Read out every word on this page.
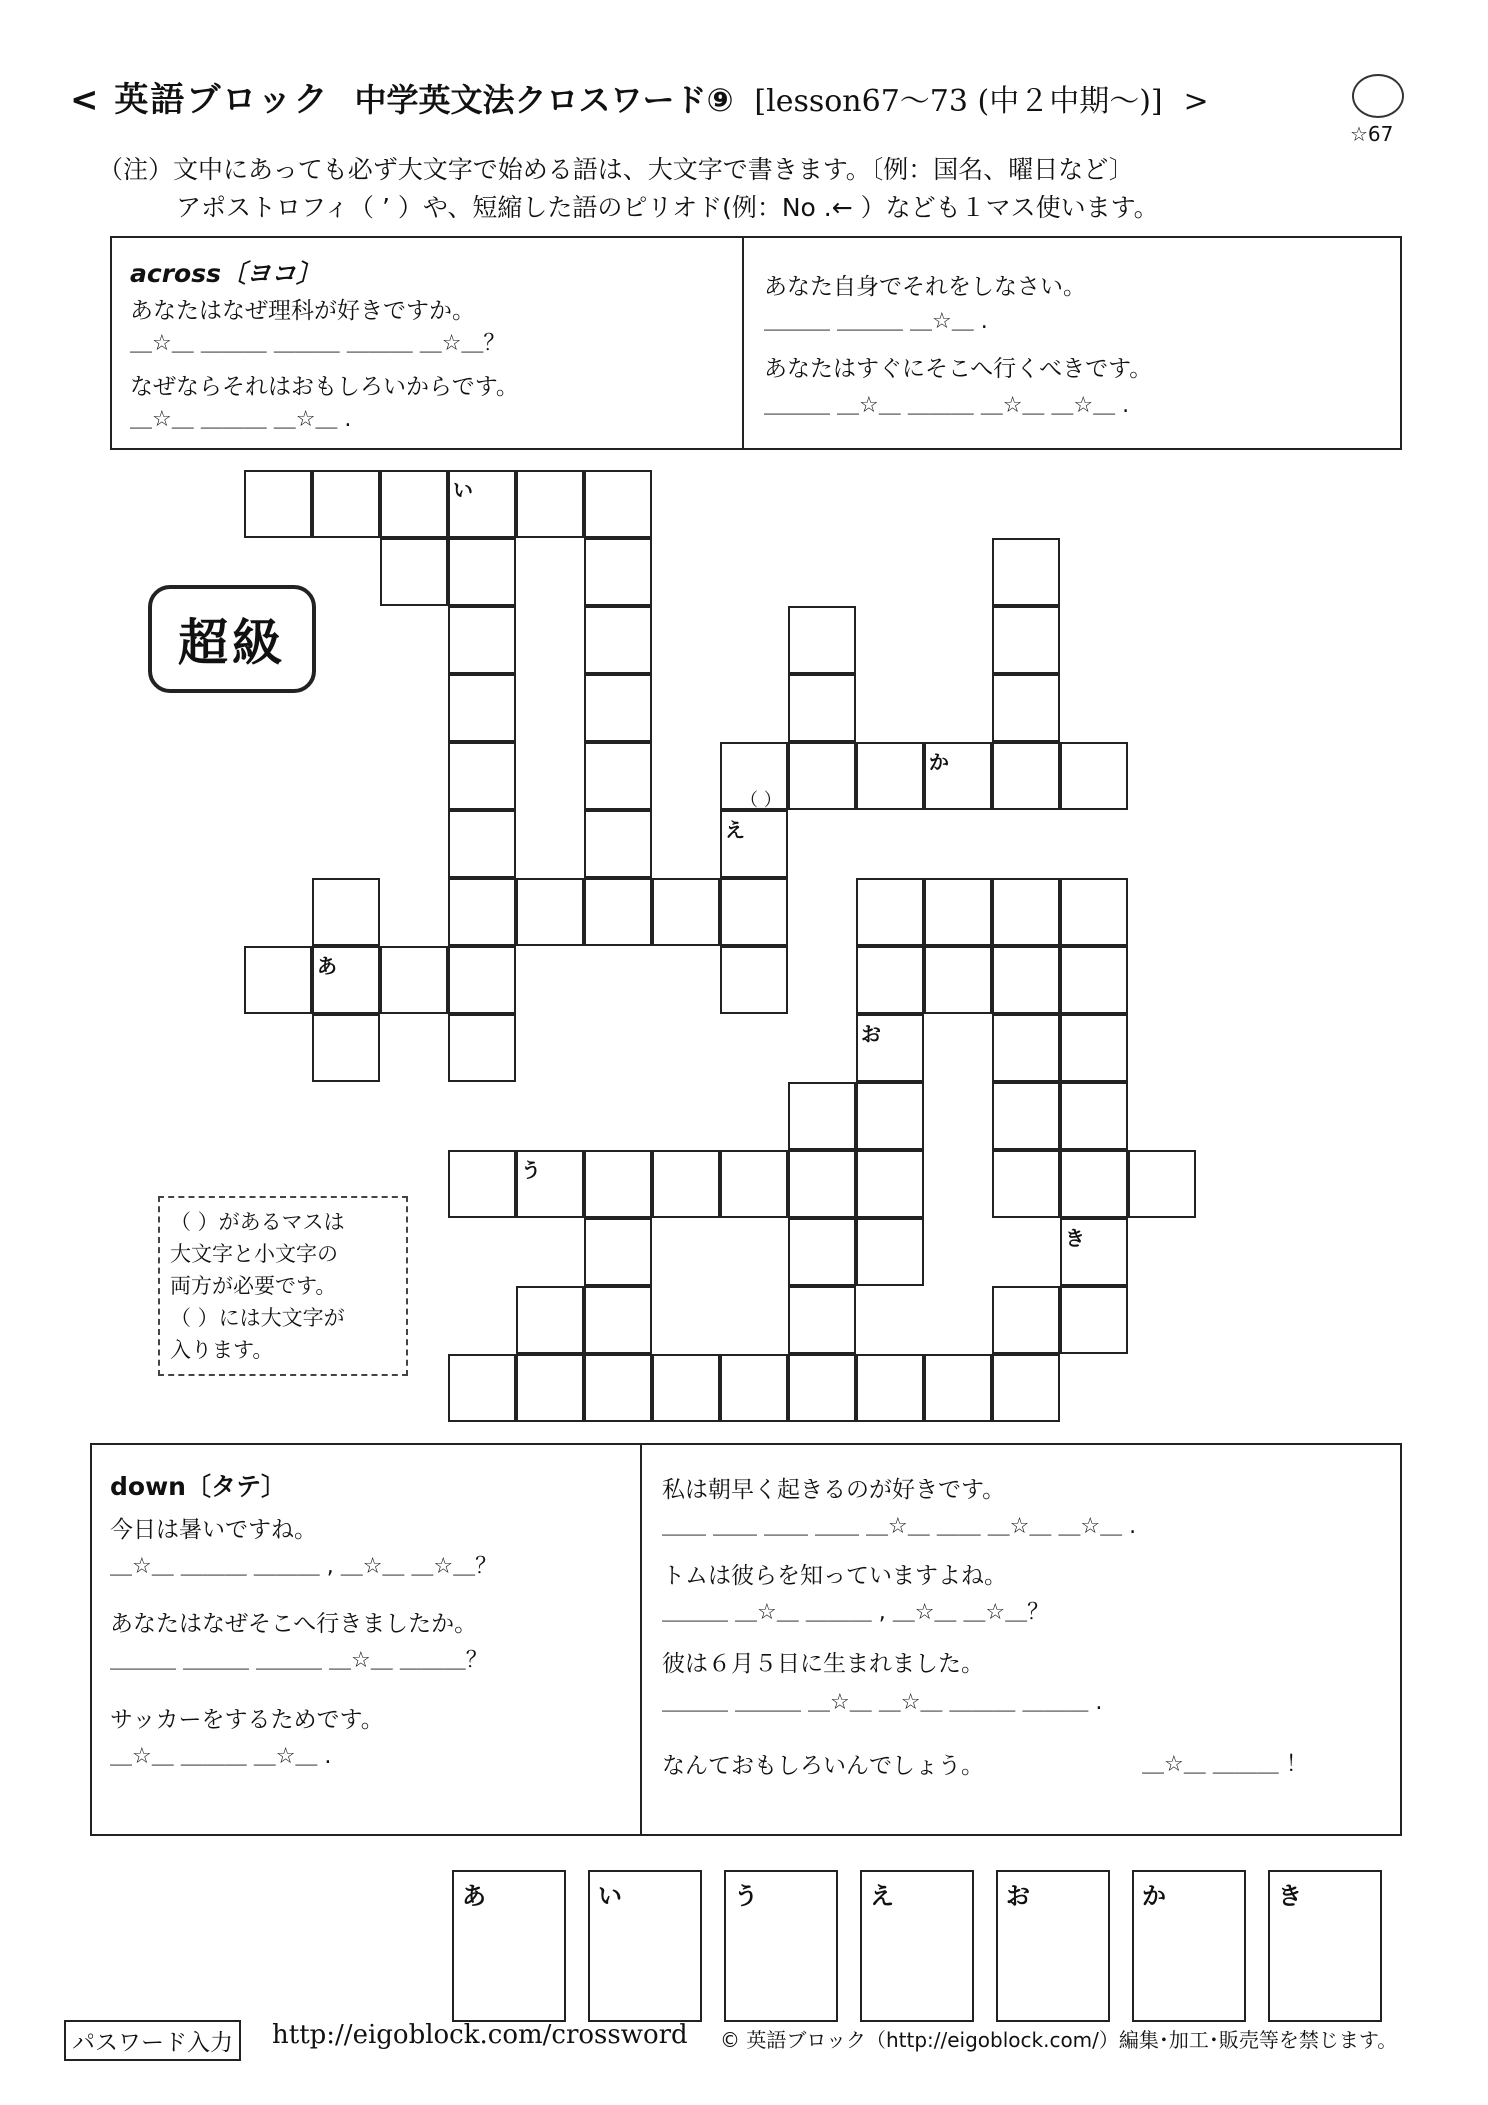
< 英語ブロック 中学英文法クロスワード⑨ [lesson67～73 (中２中期～)] >
☆67
（注）文中にあっても必ず大文字で始める語は、大文字で書きます。〔例：国名、曜日など〕
アポストロフィ（ ’ ）や、短縮した語のピリオド(例：No .← ）なども１マス使います。
across〔ヨコ〕
あなたはなぜ理科が好きですか。
＿☆＿ ＿＿＿ ＿＿＿ ＿＿＿ ＿☆＿？
なぜならそれはおもしろいからです。
＿☆＿ ＿＿＿ ＿☆＿ .
あなた自身でそれをしなさい。
＿＿＿ ＿＿＿ ＿☆＿ .
あなたはすぐにそこへ行くべきです。
＿＿＿ ＿☆＿ ＿＿＿ ＿☆＿ ＿☆＿ .
超級
い
か
え
（ ）
あ
お
う
き
（ ）があるマスは
大文字と小文字の
両方が必要です。
（ ）には大文字が
入ります。
down〔タテ〕
今日は暑いですね。
＿☆＿ ＿＿＿ ＿＿＿ , ＿☆＿ ＿☆＿？
あなたはなぜそこへ行きましたか。
＿＿＿ ＿＿＿ ＿＿＿ ＿☆＿ ＿＿＿？
サッカーをするためです。
＿☆＿ ＿＿＿ ＿☆＿ .
私は朝早く起きるのが好きです。
＿＿ ＿＿ ＿＿ ＿＿ ＿☆＿ ＿＿ ＿☆＿ ＿☆＿ .
トムは彼らを知っていますよね。
＿＿＿ ＿☆＿ ＿＿＿ , ＿☆＿ ＿☆＿？
彼は６月５日に生まれました。
＿＿＿ ＿＿＿ ＿☆＿ ＿☆＿ ＿＿＿ ＿＿＿ .
なんておもしろいんでしょう。	＿☆＿ ＿＿＿ ！
あ	い	う	え	お	か	き
パスワード入力	http://eigoblock.com/crossword © 英語ブロック（http://eigoblock.com/）編集･加工･販売等を禁じます。
